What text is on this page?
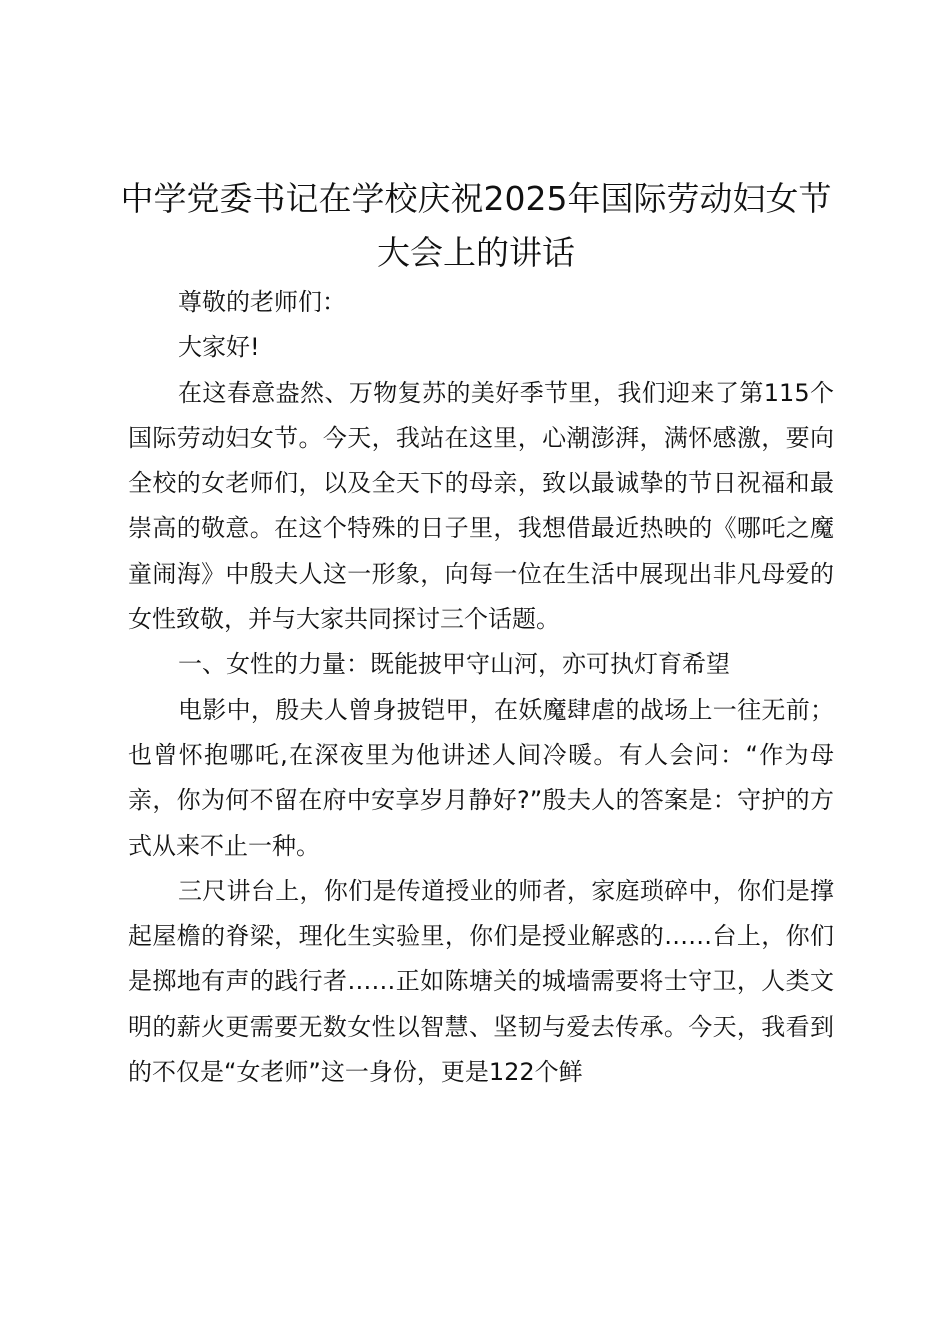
中学党委书记在学校庆祝2025年国际劳动妇女节大会上的讲话

尊敬的老师们：

大家好!

在这春意盎然、万物复苏的美好季节里，我们迎来了第115个国际劳动妇女节。今天，我站在这里，心潮澎湃，满怀感激，要向全校的女老师们，以及全天下的母亲，致以最诚挚的节日祝福和最崇高的敬意。在这个特殊的日子里，我想借最近热映的《哪吒之魔童闹海》中殷夫人这一形象，向每一位在生活中展现出非凡母爱的女性致敬，并与大家共同探讨三个话题。

一、女性的力量：既能披甲守山河，亦可执灯育希望

电影中，殷夫人曾身披铠甲，在妖魔肆虐的战场上一往无前；也曾怀抱哪吒,在深夜里为他讲述人间冷暖。有人会问：“作为母亲，你为何不留在府中安享岁月静好?”殷夫人的答案是：守护的方式从来不止一种。

三尺讲台上，你们是传道授业的师者，家庭琐碎中，你们是撑起屋檐的脊梁，理化生实验里，你们是授业解惑的……台上，你们是掷地有声的践行者……正如陈塘关的城墙需要将士守卫，人类文明的薪火更需要无数女性以智慧、坚韧与爱去传承。今天，我看到的不仅是“女老师”这一身份，更是122个鲜
